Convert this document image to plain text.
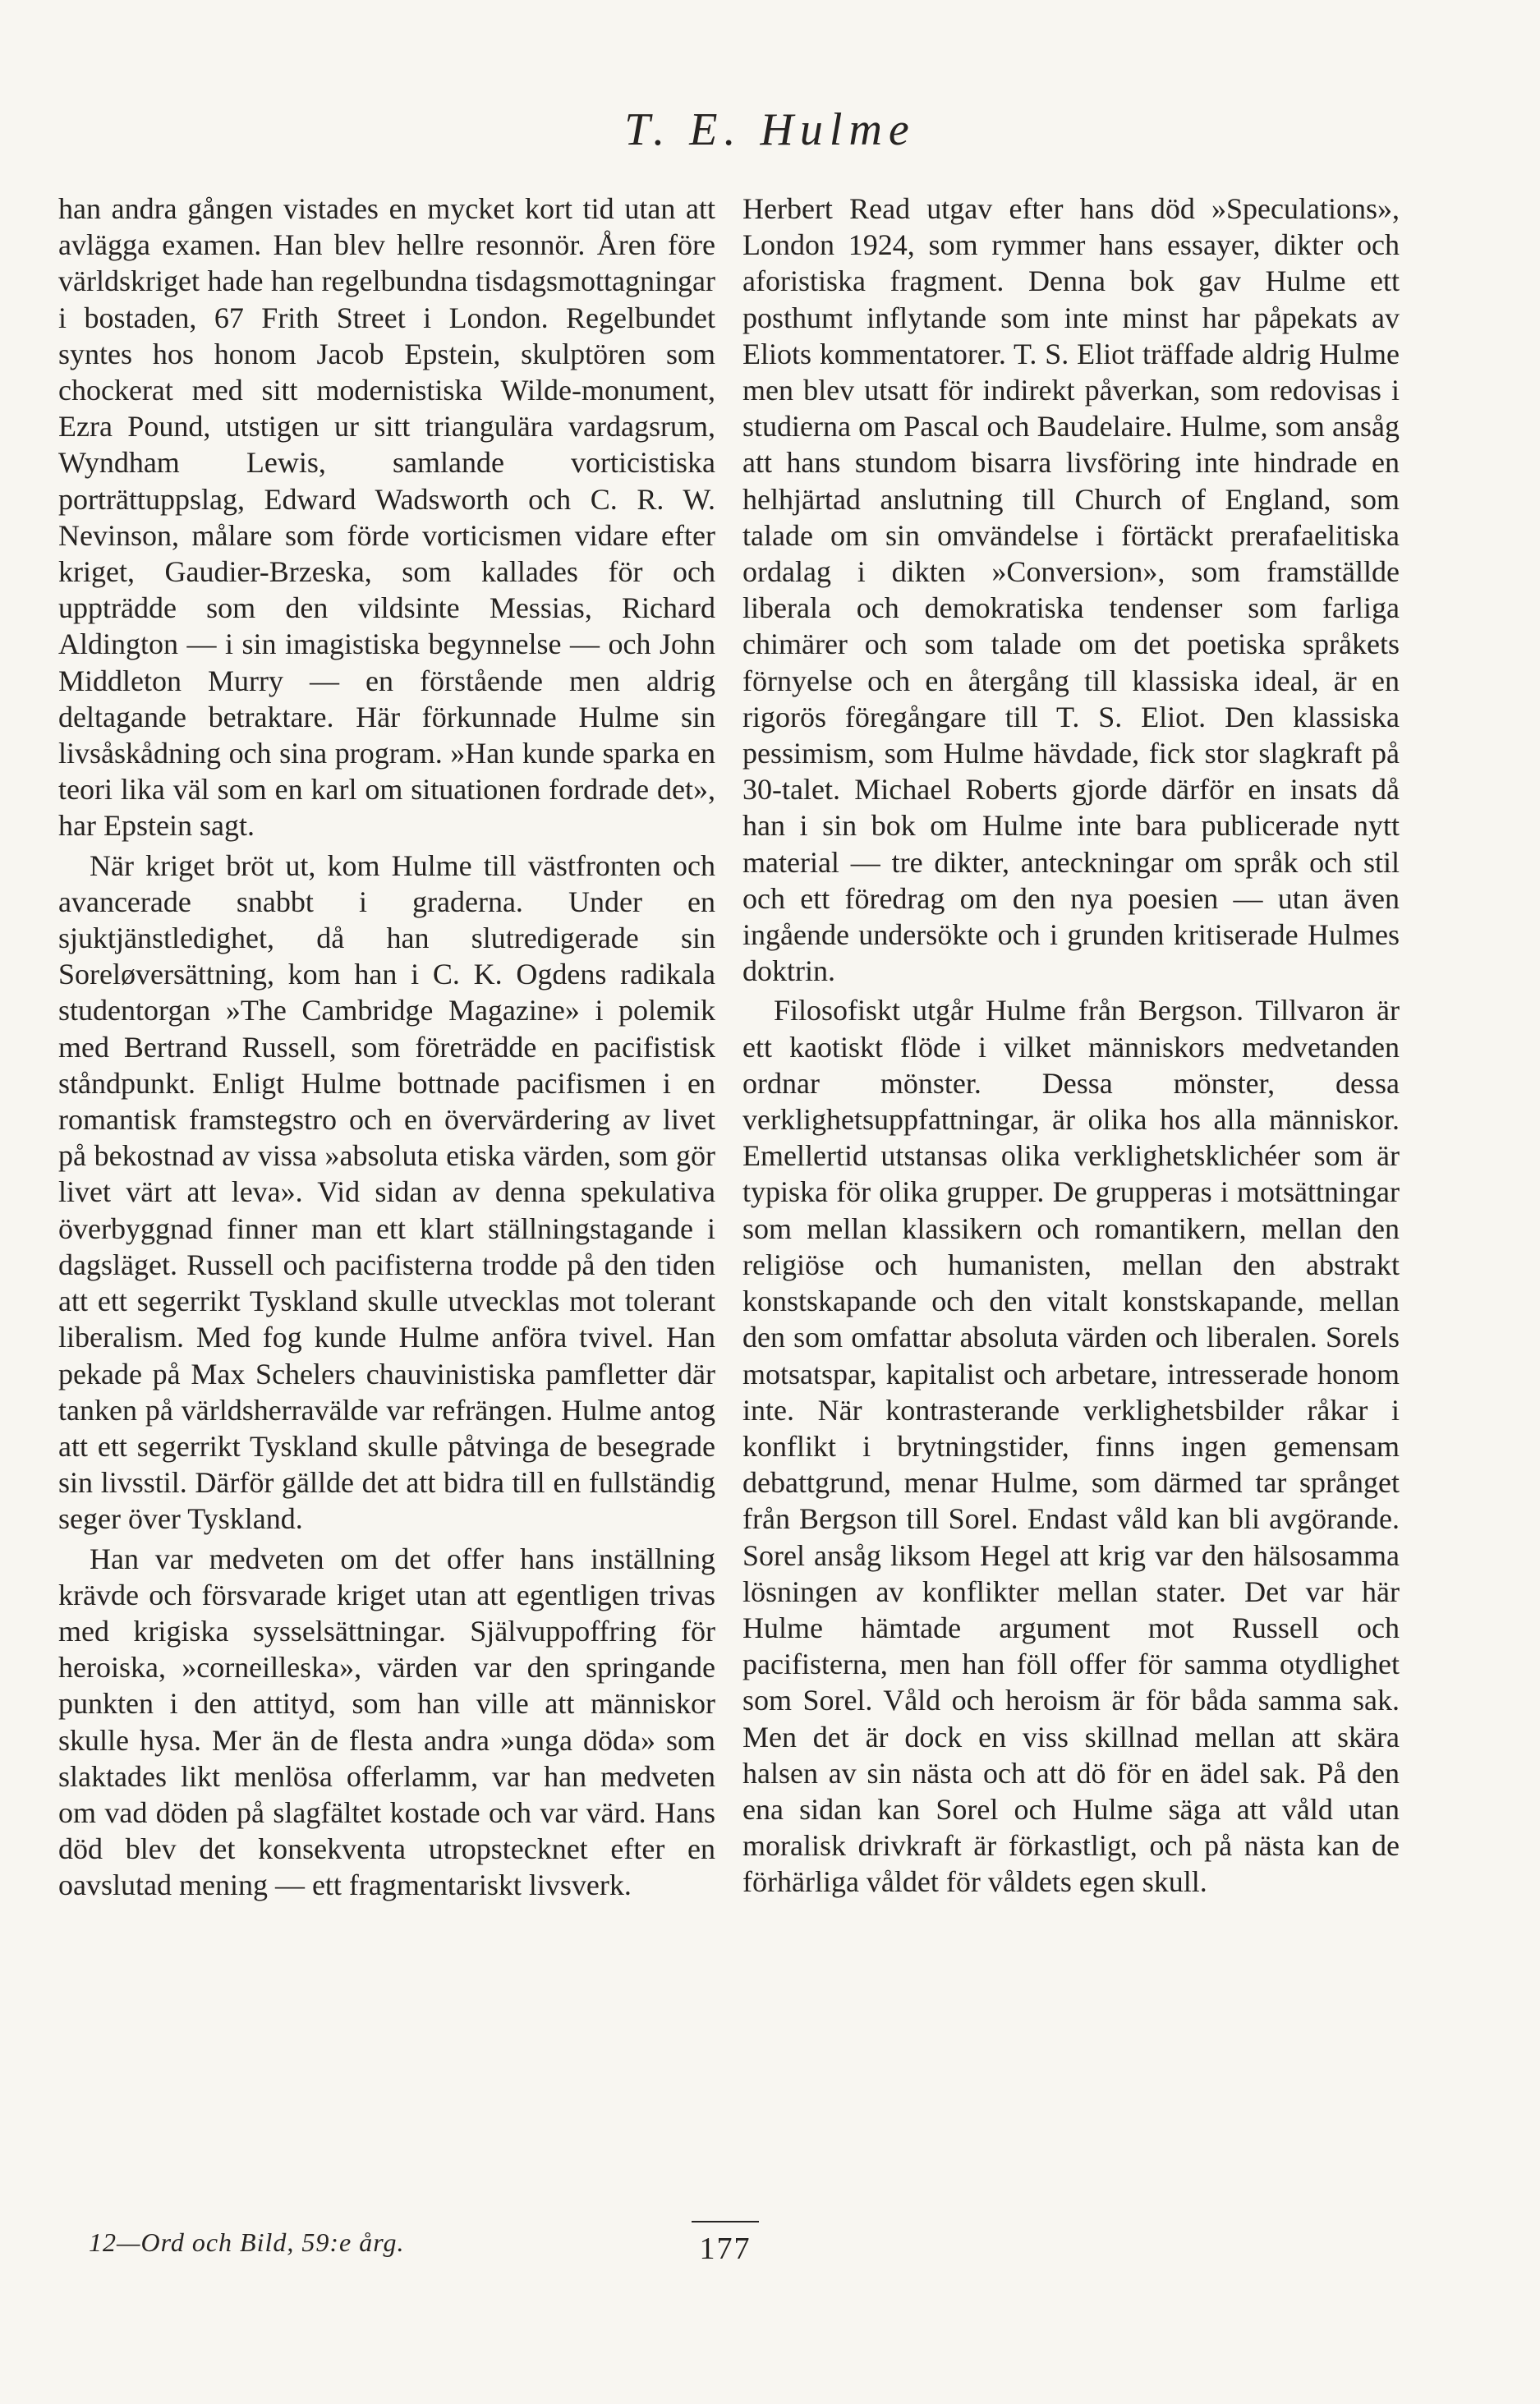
T. E. Hulme

han andra gången vistades en mycket kort tid utan att avlägga examen. Han blev hellre resonnör. Åren före världskriget hade han regelbundna tisdagsmottagningar i bostaden, 67 Frith Street i London. Regelbundet syntes hos honom Jacob Epstein, skulptören som chockerat med sitt modernistiska Wilde-monument, Ezra Pound, utstigen ur sitt triangulära vardagsrum, Wyndham Lewis, samlande vorticistiska porträttuppslag, Edward Wadsworth och C. R. W. Nevinson, målare som förde vorticismen vidare efter kriget, Gaudier-Brzeska, som kallades för och uppträdde som den vildsinte Messias, Richard Aldington — i sin imagistiska begynnelse — och John Middleton Murry — en förstående men aldrig deltagande betraktare. Här förkunnade Hulme sin livsåskådning och sina program. »Han kunde sparka en teori lika väl som en karl om situationen fordrade det», har Epstein sagt.

När kriget bröt ut, kom Hulme till västfronten och avancerade snabbt i graderna. Under en sjuktjänstledighet, då han slutredigerade sin Soreløversättning, kom han i C. K. Ogdens radikala studentorgan »The Cambridge Magazine» i polemik med Bertrand Russell, som företrädde en pacifistisk ståndpunkt. Enligt Hulme bottnade pacifismen i en romantisk framstegstro och en övervärdering av livet på bekostnad av vissa »absoluta etiska värden, som gör livet värt att leva». Vid sidan av denna spekulativa överbyggnad finner man ett klart ställningstagande i dagsläget. Russell och pacifisterna trodde på den tiden att ett segerrikt Tyskland skulle utvecklas mot tolerant liberalism. Med fog kunde Hulme anföra tvivel. Han pekade på Max Schelers chauvinistiska pamfletter där tanken på världsherravälde var refrängen. Hulme antog att ett segerrikt Tyskland skulle påtvinga de besegrade sin livsstil. Därför gällde det att bidra till en fullständig seger över Tyskland.

Han var medveten om det offer hans inställning krävde och försvarade kriget utan att egentligen trivas med krigiska sysselsättningar. Självuppoffring för heroiska, »corneilleska», värden var den springande punkten i den attityd, som han ville att människor skulle hysa. Mer än de flesta andra »unga döda» som slaktades likt menlösa offerlamm, var han medveten om vad döden på slagfältet kostade och var värd. Hans död blev det konsekventa utropstecknet efter en oavslutad mening — ett fragmentariskt livsverk.

Herbert Read utgav efter hans död »Speculations», London 1924, som rymmer hans essayer, dikter och aforistiska fragment. Denna bok gav Hulme ett posthumt inflytande som inte minst har påpekats av Eliots kommentatorer. T. S. Eliot träffade aldrig Hulme men blev utsatt för indirekt påverkan, som redovisas i studierna om Pascal och Baudelaire. Hulme, som ansåg att hans stundom bisarra livsföring inte hindrade en helhjärtad anslutning till Church of England, som talade om sin omvändelse i förtäckt prerafaelitiska ordalag i dikten »Conversion», som framställde liberala och demokratiska tendenser som farliga chimärer och som talade om det poetiska språkets förnyelse och en återgång till klassiska ideal, är en rigorös föregångare till T. S. Eliot. Den klassiska pessimism, som Hulme hävdade, fick stor slagkraft på 30-talet. Michael Roberts gjorde därför en insats då han i sin bok om Hulme inte bara publicerade nytt material — tre dikter, anteckningar om språk och stil och ett föredrag om den nya poesien — utan även ingående undersökte och i grunden kritiserade Hulmes doktrin.

Filosofiskt utgår Hulme från Bergson. Tillvaron är ett kaotiskt flöde i vilket människors medvetanden ordnar mönster. Dessa mönster, dessa verklighetsuppfattningar, är olika hos alla människor. Emellertid utstansas olika verklighetsklichéer som är typiska för olika grupper. De grupperas i motsättningar som mellan klassikern och romantikern, mellan den religiöse och humanisten, mellan den abstrakt konstskapande och den vitalt konstskapande, mellan den som omfattar absoluta värden och liberalen. Sorels motsatspar, kapitalist och arbetare, intresserade honom inte. När kontrasterande verklighetsbilder råkar i konflikt i brytningstider, finns ingen gemensam debattgrund, menar Hulme, som därmed tar språnget från Bergson till Sorel. Endast våld kan bli avgörande. Sorel ansåg liksom Hegel att krig var den hälsosamma lösningen av konflikter mellan stater. Det var här Hulme hämtade argument mot Russell och pacifisterna, men han föll offer för samma otydlighet som Sorel. Våld och heroism är för båda samma sak. Men det är dock en viss skillnad mellan att skära halsen av sin nästa och att dö för en ädel sak. På den ena sidan kan Sorel och Hulme säga att våld utan moralisk drivkraft är förkastligt, och på nästa kan de förhärliga våldet för våldets egen skull.

12—Ord och Bild, 59:e årg.	177
